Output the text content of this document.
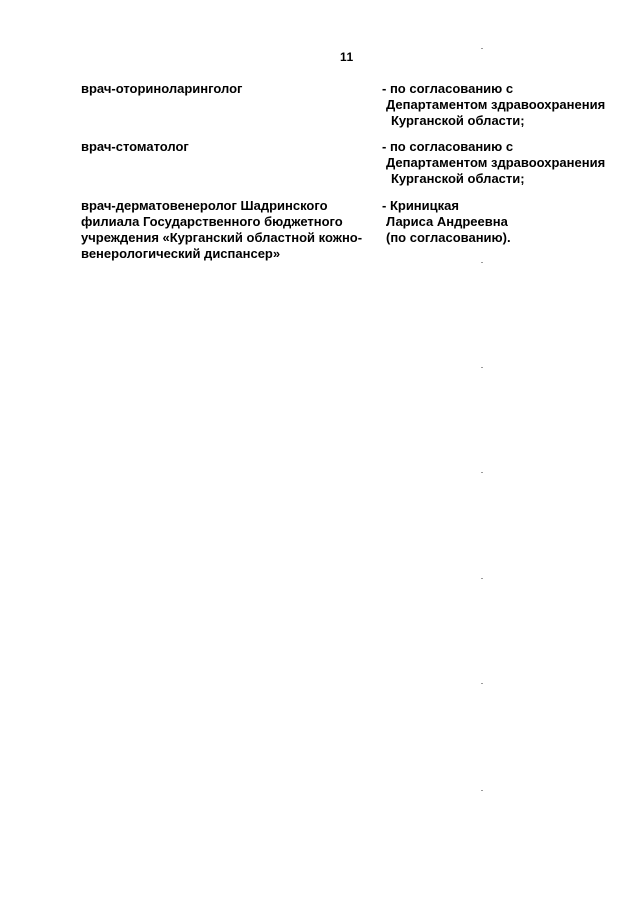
11
врач-оториноларинголог	- по согласованию с
Департаментом здравоохранения
Курганской области;
врач-стоматолог	- по согласованию с
Департаментом здравоохранения
Курганской области;
врач-дерматовенеролог Шадринского
филиала Государственного бюджетного
учреждения «Курганский областной кожно-
венерологический диспансер»
- Криницкая
Лариса Андреевна
(по согласованию).
